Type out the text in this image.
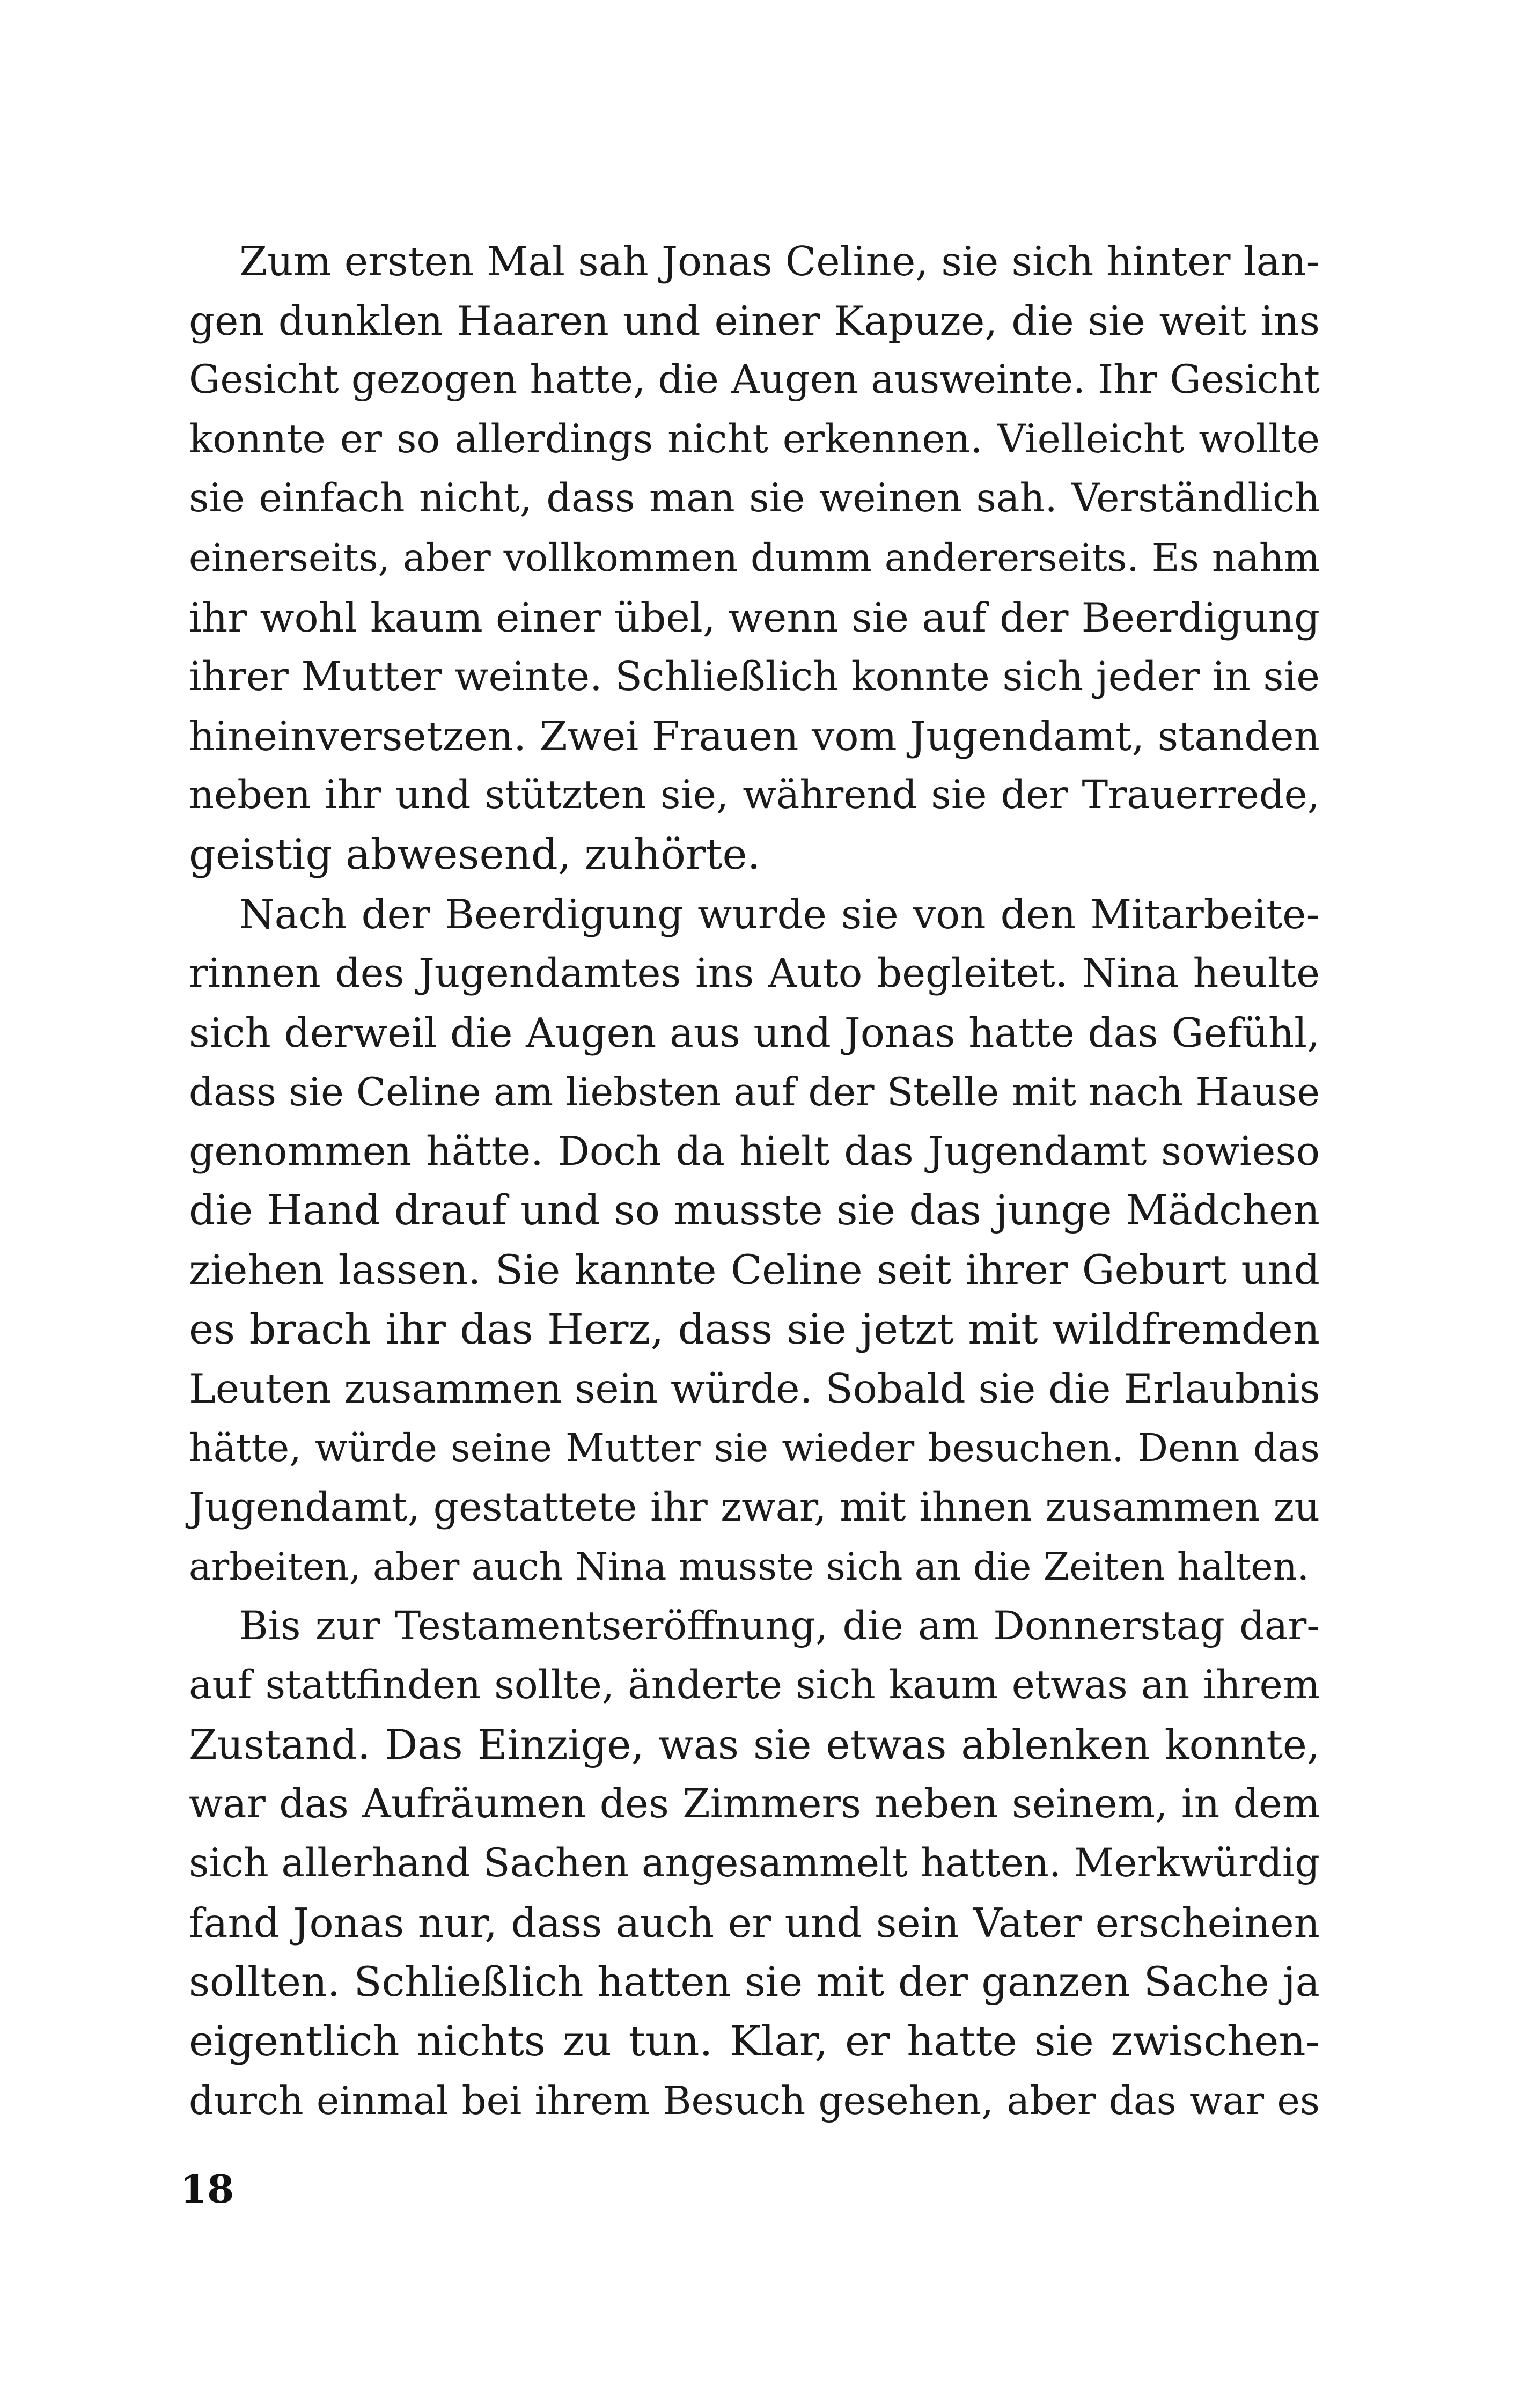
Zum ersten Mal sah Jonas Celine, sie sich hinter lan-
gen dunklen Haaren und einer Kapuze, die sie weit ins
Gesicht gezogen hatte, die Augen ausweinte. Ihr Gesicht
konnte er so allerdings nicht erkennen. Vielleicht wollte
sie einfach nicht, dass man sie weinen sah. Verständlich
einerseits, aber vollkommen dumm andererseits. Es nahm
ihr wohl kaum einer übel, wenn sie auf der Beerdigung
ihrer Mutter weinte. Schließlich konnte sich jeder in sie
hineinversetzen. Zwei Frauen vom Jugendamt, standen
neben ihr und stützten sie, während sie der Trauerrede,
geistig abwesend, zuhörte.
Nach der Beerdigung wurde sie von den Mitarbeite-
rinnen des Jugendamtes ins Auto begleitet. Nina heulte
sich derweil die Augen aus und Jonas hatte das Gefühl,
dass sie Celine am liebsten auf der Stelle mit nach Hause
genommen hätte. Doch da hielt das Jugendamt sowieso
die Hand drauf und so musste sie das junge Mädchen
ziehen lassen. Sie kannte Celine seit ihrer Geburt und
es brach ihr das Herz, dass sie jetzt mit wildfremden
Leuten zusammen sein würde. Sobald sie die Erlaubnis
hätte, würde seine Mutter sie wieder besuchen. Denn das
Jugendamt, gestattete ihr zwar, mit ihnen zusammen zu
arbeiten, aber auch Nina musste sich an die Zeiten halten.
Bis zur Testamentseröffnung, die am Donnerstag dar-
auf stattfinden sollte, änderte sich kaum etwas an ihrem
Zustand. Das Einzige, was sie etwas ablenken konnte,
war das Aufräumen des Zimmers neben seinem, in dem
sich allerhand Sachen angesammelt hatten. Merkwürdig
fand Jonas nur, dass auch er und sein Vater erscheinen
sollten. Schließlich hatten sie mit der ganzen Sache ja
eigentlich nichts zu tun. Klar, er hatte sie zwischen-
durch einmal bei ihrem Besuch gesehen, aber das war es
18
